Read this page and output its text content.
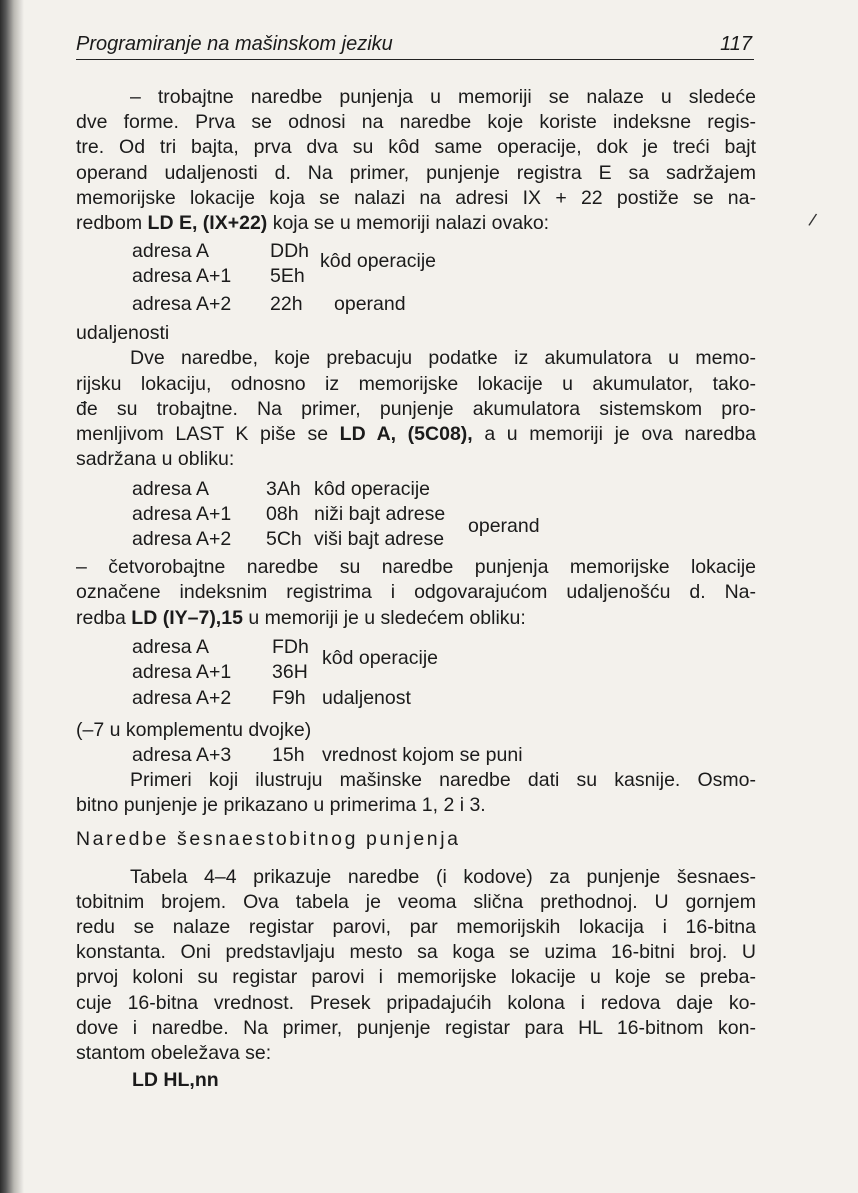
/
Programiranje na mašinskom jeziku	117
– trobajtne naredbe punjenja u memoriji se nalaze u sledeće
dve forme. Prva se odnosi na naredbe koje koriste indeksne regis-
tre. Od tri bajta, prva dva su kôd same operacije, dok je treći bajt
operand udaljenosti d. Na primer, punjenje registra E sa sadržajem
memorijske lokacije koja se nalazi na adresi IX + 22 postiže se na-
redbom LD E, (IX+22) koja se u memoriji nalazi ovako:
adresa A	DDh
adresa A+1 5Eh
kôd operacije
adresa A+2 22h operand
udaljenosti
Dve naredbe, koje prebacuju podatke iz akumulatora u memo-
rijsku lokaciju, odnosno iz memorijske lokacije u akumulator, tako-
đe su trobajtne. Na primer, punjenje akumulatora sistemskom pro-
menljivom LAST K piše se LD A, (5C08), a u memoriji je ova naredba
sadržana u obliku:
adresa A	3Ah kôd operacije
adresa A+1 08h niži bajt adrese
adresa A+2 5Ch viši bajt adrese
operand
– četvorobajtne naredbe su naredbe punjenja memorijske lokacije
označene indeksnim registrima i odgovarajućom udaljenošću d. Na-
redba LD (IY–7),15 u memoriji je u sledećem obliku:
adresa A	FDh
adresa A+1 36H
kôd operacije
adresa A+2 F9h udaljenost
(–7 u komplementu dvojke)
adresa A+3 15h vrednost kojom se puni
Primeri koji ilustruju mašinske naredbe dati su kasnije. Osmo-
bitno punjenje je prikazano u primerima 1, 2 i 3.
Naredbe šesnaestobitnog punjenja
Tabela 4–4 prikazuje naredbe (i kodove) za punjenje šesnaes-
tobitnim brojem. Ova tabela je veoma slična prethodnoj. U gornjem
redu se nalaze registar parovi, par memorijskih lokacija i 16-bitna
konstanta. Oni predstavljaju mesto sa koga se uzima 16-bitni broj. U
prvoj koloni su registar parovi i memorijske lokacije u koje se preba-
cuje 16-bitna vrednost. Presek pripadajućih kolona i redova daje ko-
dove i naredbe. Na primer, punjenje registar para HL 16-bitnom kon-
stantom obeležava se:
LD HL,nn
